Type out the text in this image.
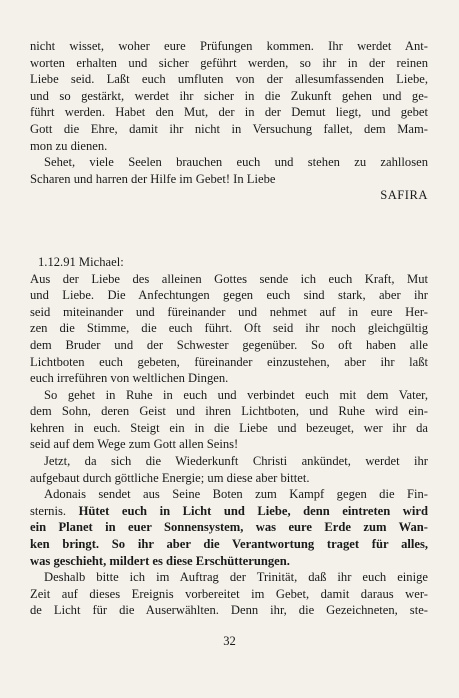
nicht wisset, woher eure Prüfungen kommen. Ihr werdet Ant-
worten erhalten und sicher geführt werden, so ihr in der reinen
Liebe seid. Laßt euch umfluten von der allesumfassenden Liebe,
und so gestärkt, werdet ihr sicher in die Zukunft gehen und ge-
führt werden. Habet den Mut, der in der Demut liegt, und gebet
Gott die Ehre, damit ihr nicht in Versuchung fallet, dem Mam-
mon zu dienen.
Sehet, viele Seelen brauchen euch und stehen zu zahllosen
Scharen und harren der Hilfe im Gebet! In Liebe
SAFIRA
1.12.91 Michael:
Aus der Liebe des alleinen Gottes sende ich euch Kraft, Mut
und Liebe. Die Anfechtungen gegen euch sind stark, aber ihr
seid miteinander und füreinander und nehmet auf in eure Her-
zen die Stimme, die euch führt. Oft seid ihr noch gleichgültig
dem Bruder und der Schwester gegenüber. So oft haben alle
Lichtboten euch gebeten, füreinander einzustehen, aber ihr laßt
euch irreführen von weltlichen Dingen.
So gehet in Ruhe in euch und verbindet euch mit dem Vater,
dem Sohn, deren Geist und ihren Lichtboten, und Ruhe wird ein-
kehren in euch. Steigt ein in die Liebe und bezeuget, wer ihr da
seid auf dem Wege zum Gott allen Seins!
Jetzt, da sich die Wiederkunft Christi ankündet, werdet ihr
aufgebaut durch göttliche Energie; um diese aber bittet.
Adonais sendet aus Seine Boten zum Kampf gegen die Fin-
sternis. Hütet euch in Licht und Liebe, denn eintreten wird
ein Planet in euer Sonnensystem, was eure Erde zum Wan-
ken bringt. So ihr aber die Verantwortung traget für alles,
was geschieht, mildert es diese Erschütterungen.
Deshalb bitte ich im Auftrag der Trinität, daß ihr euch einige
Zeit auf dieses Ereignis vorbereitet im Gebet, damit daraus wer-
de Licht für die Auserwählten. Denn ihr, die Gezeichneten, ste-
32
